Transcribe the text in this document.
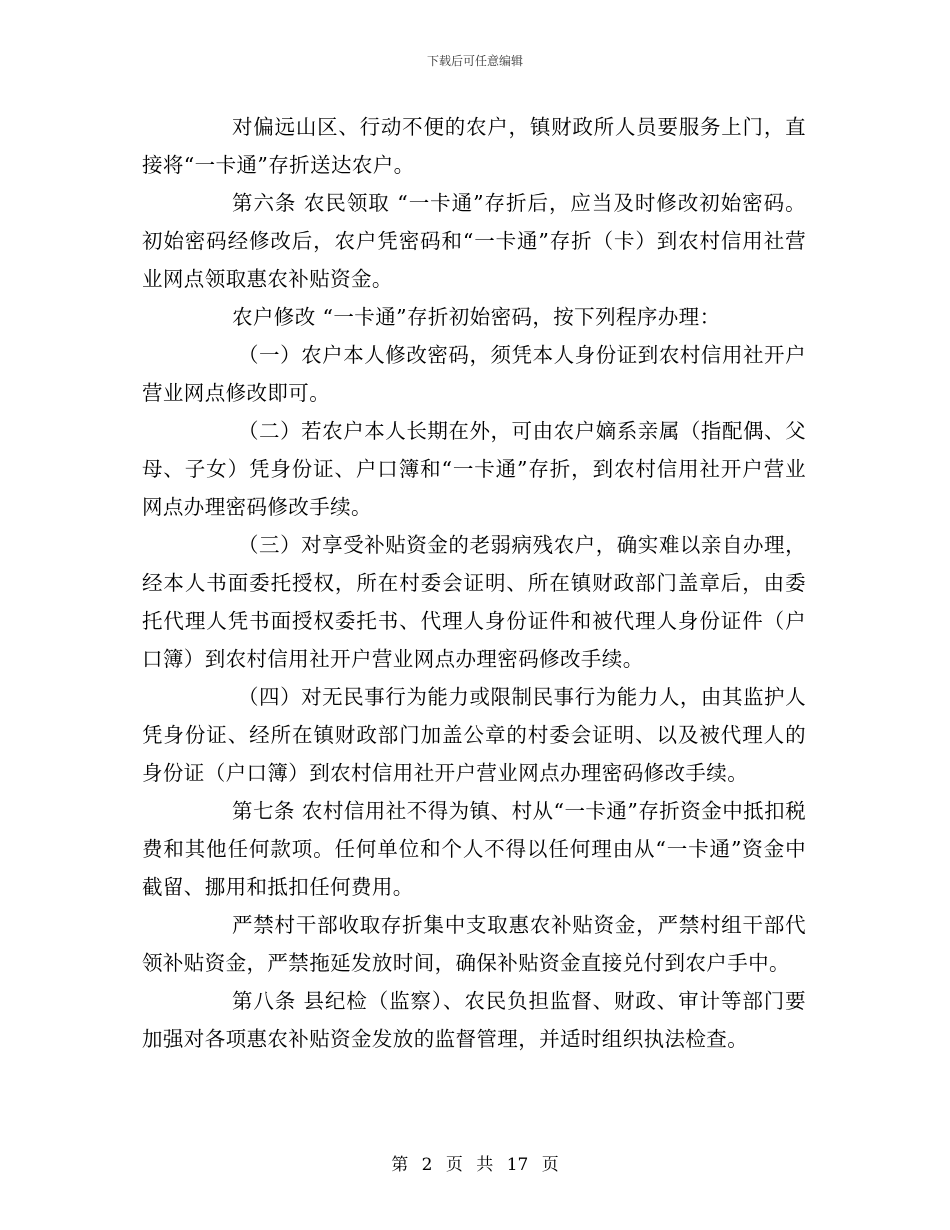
下载后可任意编辑

对偏远山区、行动不便的农户，镇财政所人员要服务上门，直接将“一卡通”存折送达农户。

第六条 农民领取 “一卡通”存折后，应当及时修改初始密码。初始密码经修改后，农户凭密码和“一卡通”存折（卡）到农村信用社营业网点领取惠农补贴资金。

农户修改 “一卡通”存折初始密码，按下列程序办理：

（一）农户本人修改密码，须凭本人身份证到农村信用社开户营业网点修改即可。

（二）若农户本人长期在外，可由农户嫡系亲属（指配偶、父母、子女）凭身份证、户口簿和“一卡通”存折，到农村信用社开户营业网点办理密码修改手续。

（三）对享受补贴资金的老弱病残农户，确实难以亲自办理，经本人书面委托授权，所在村委会证明、所在镇财政部门盖章后，由委托代理人凭书面授权委托书、代理人身份证件和被代理人身份证件（户口簿）到农村信用社开户营业网点办理密码修改手续。

（四）对无民事行为能力或限制民事行为能力人，由其监护人凭身份证、经所在镇财政部门加盖公章的村委会证明、以及被代理人的身份证（户口簿）到农村信用社开户营业网点办理密码修改手续。

第七条 农村信用社不得为镇、村从“一卡通”存折资金中抵扣税费和其他任何款项。任何单位和个人不得以任何理由从“一卡通”资金中截留、挪用和抵扣任何费用。

严禁村干部收取存折集中支取惠农补贴资金，严禁村组干部代领补贴资金，严禁拖延发放时间，确保补贴资金直接兑付到农户手中。

第八条 县纪检（监察）、农民负担监督、财政、审计等部门要加强对各项惠农补贴资金发放的监督管理，并适时组织执法检查。

第 2 页 共 17 页
